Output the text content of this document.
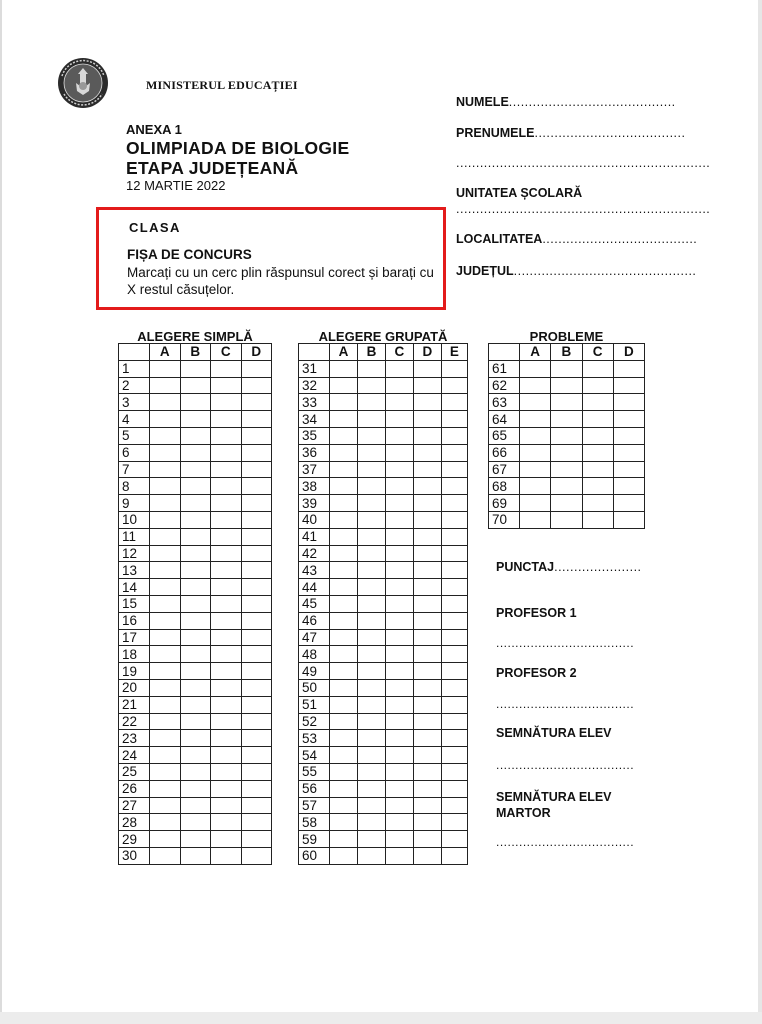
MINISTERUL EDUCAȚIEI
ANEXA 1
OLIMPIADA DE BIOLOGIE
ETAPA JUDEȚEANĂ
12 MARTIE 2022
CLASA
FIȘA DE CONCURS
Marcați cu un cerc plin răspunsul corect și barați cu X restul căsuțelor.
NUMELE..........................................
PRENUMELE......................................
................................................................
UNITATEA ȘCOLARĂ
................................................................
LOCALITATEA.......................................
JUDEȚUL..............................................
ALEGERE SIMPLĂ	ALEGERE GRUPATĂ	PROBLEME
	A	B	C	D
1				
2				
3				
4				
5				
6				
7				
8				
9				
10				
11				
12				
13				
14				
15				
16				
17				
18				
19				
20				
21				
22				
23				
24				
25				
26				
27				
28				
29				
30				
	A	B	C	D	E
31					
32					
33					
34					
35					
36					
37					
38					
39					
40					
41					
42					
43					
44					
45					
46					
47					
48					
49					
50					
51					
52					
53					
54					
55					
56					
57					
58					
59					
60					
	A	B	C	D
61				
62				
63				
64				
65				
66				
67				
68				
69				
70				
PUNCTAJ......................
PROFESOR 1
....................................
PROFESOR 2
....................................
SEMNĂTURA ELEV
....................................
SEMNĂTURA ELEV MARTOR
....................................
